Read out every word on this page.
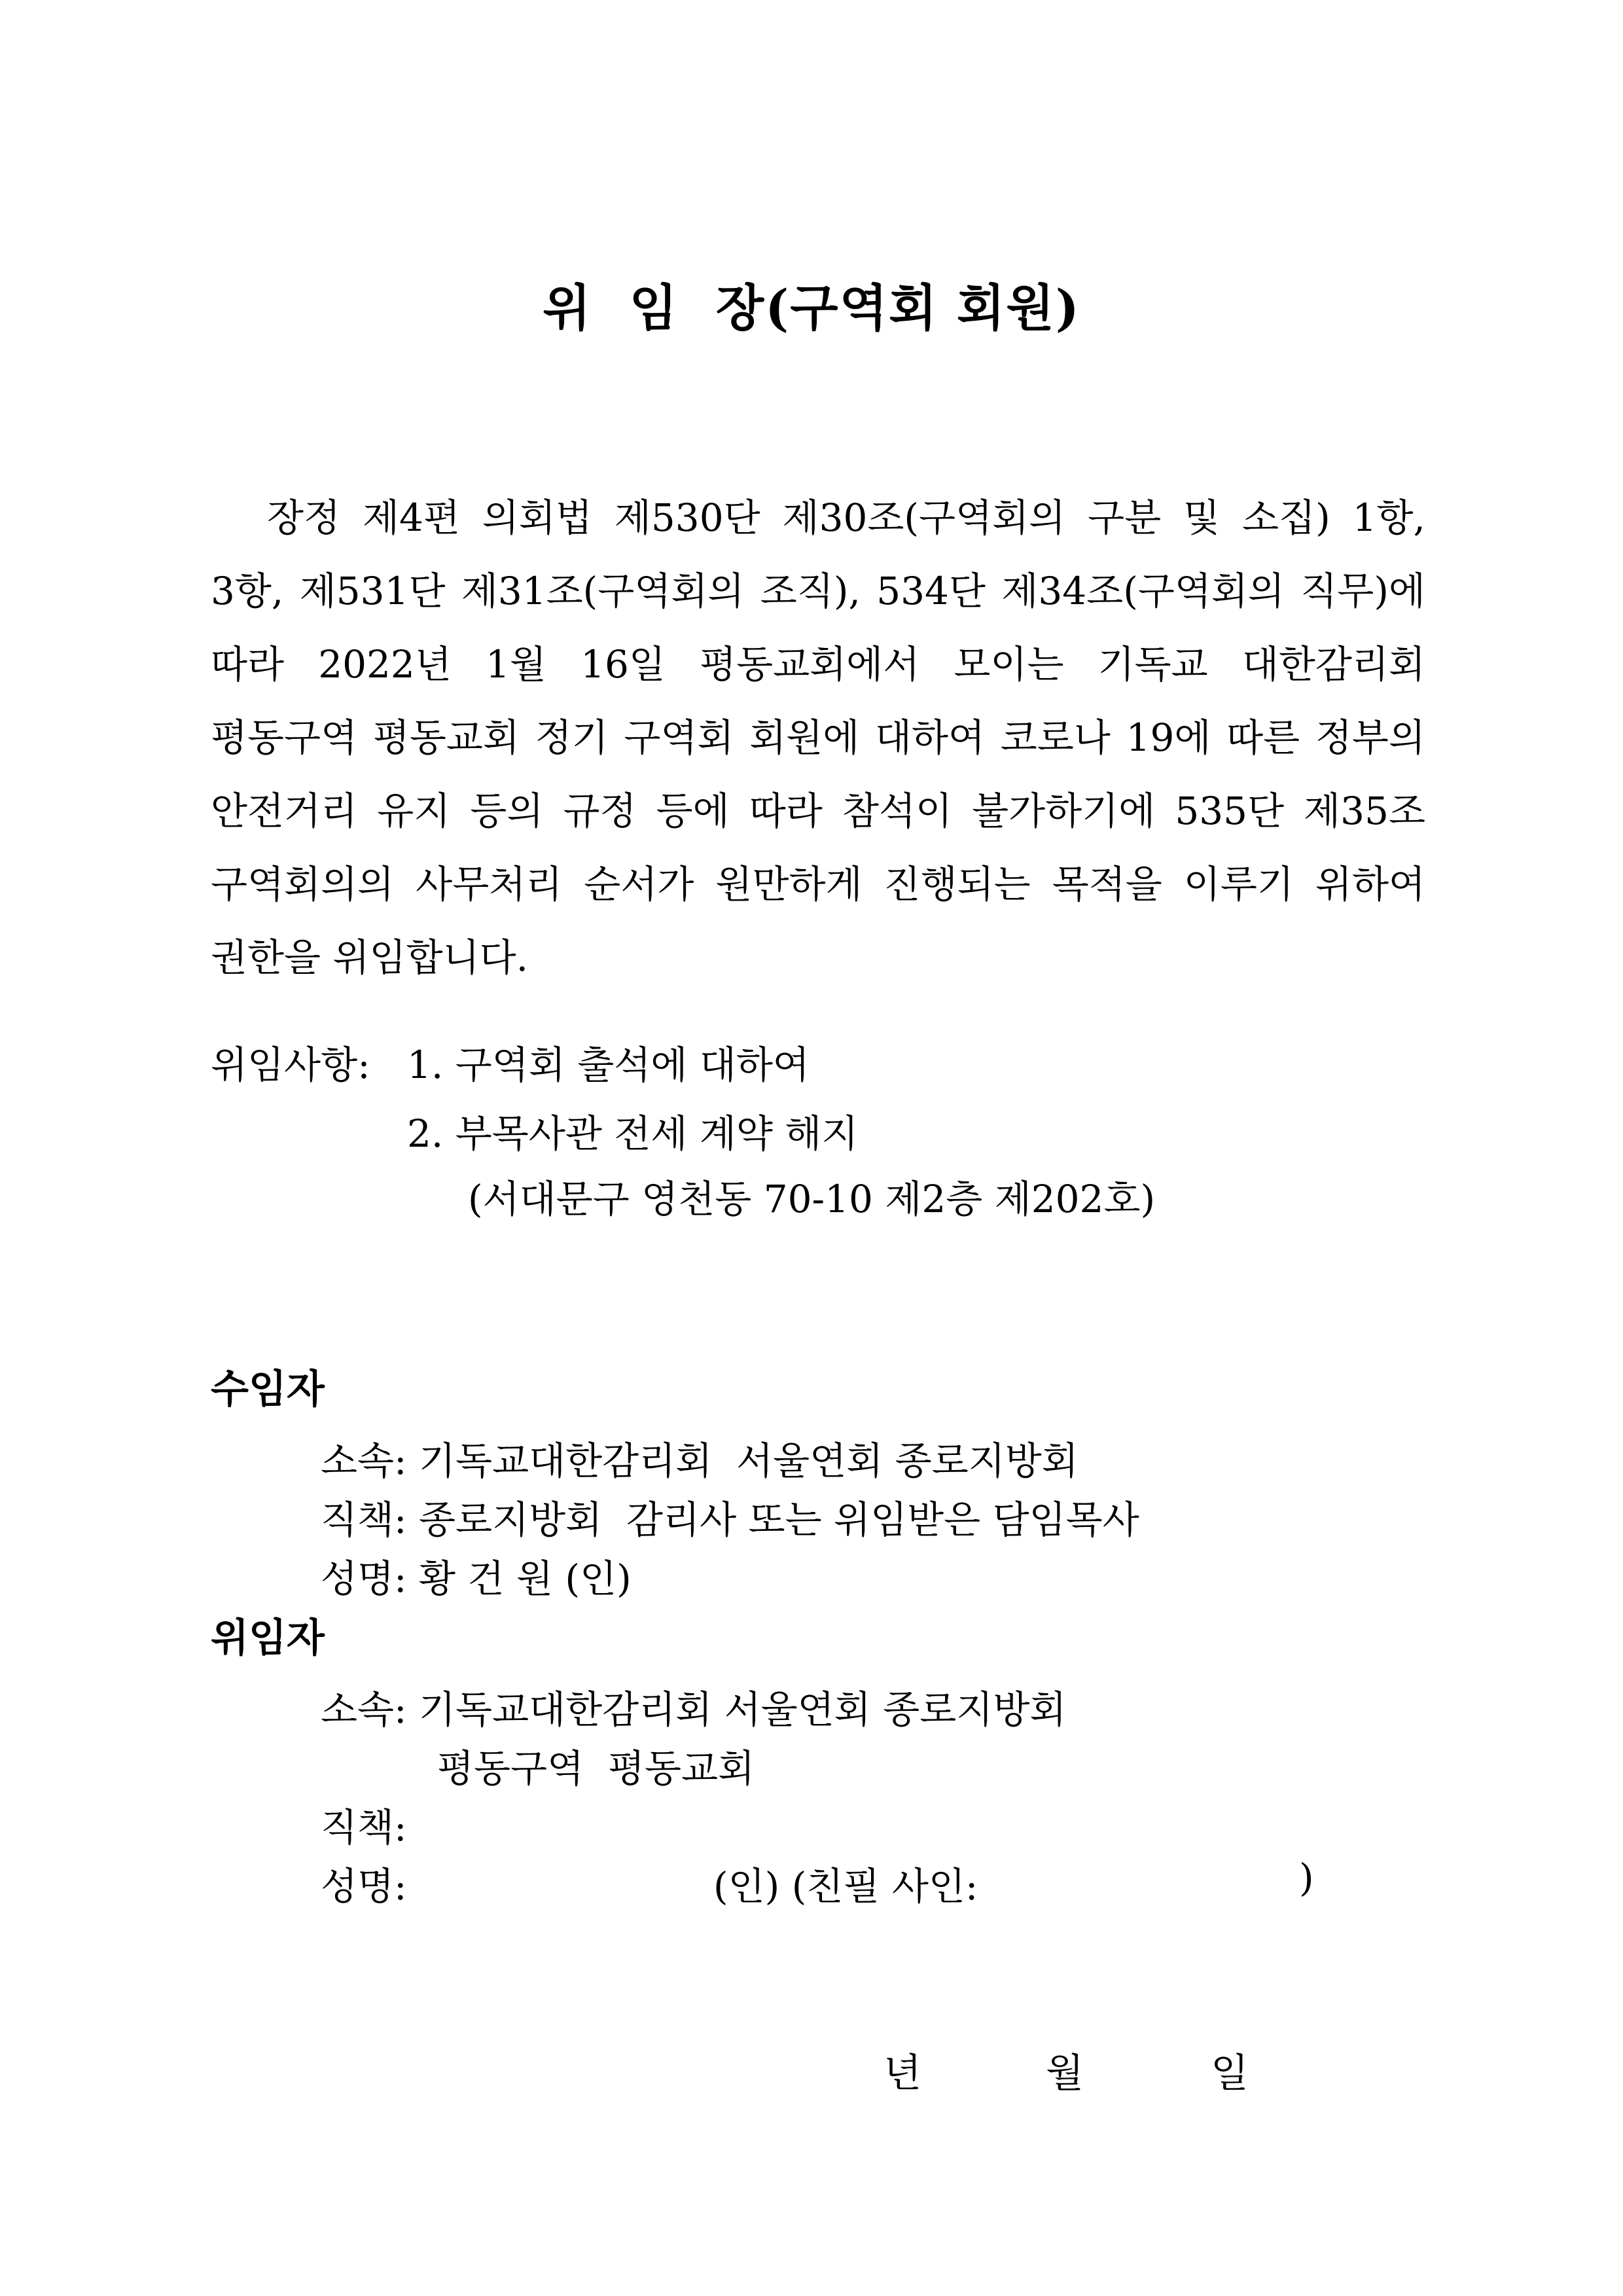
위  임  장(구역회 회원)

장정 제4편 의회법 제530단 제30조(구역회의 구분 및 소집) 1항, 3항, 제531단 제31조(구역회의 조직), 534단 제34조(구역회의 직무)에 따라 2022년 1월 16일 평동교회에서 모이는 기독교 대한감리회 평동구역 평동교회 정기 구역회 회원에 대하여 코로나 19에 따른 정부의 안전거리 유지 등의 규정 등에 따라 참석이 불가하기에 535단 제35조 구역회의의 사무처리 순서가 원만하게 진행되는 목적을 이루기 위하여 권한을 위임합니다.

위임사항: 1. 구역회 출석에 대하여
2. 부목사관 전세 계약 해지
(서대문구 영천동 70-10 제2층 제202호)
수임자
소속: 기독교대한감리회  서울연회 종로지방회
직책: 종로지방회  감리사 또는 위임받은 담임목사
성명: 황 건 원 (인)
위임자
소속: 기독교대한감리회 서울연회 종로지방회
평동구역  평동교회
직책:
성명:	(인) (친필 사인:	)
년	월	일
